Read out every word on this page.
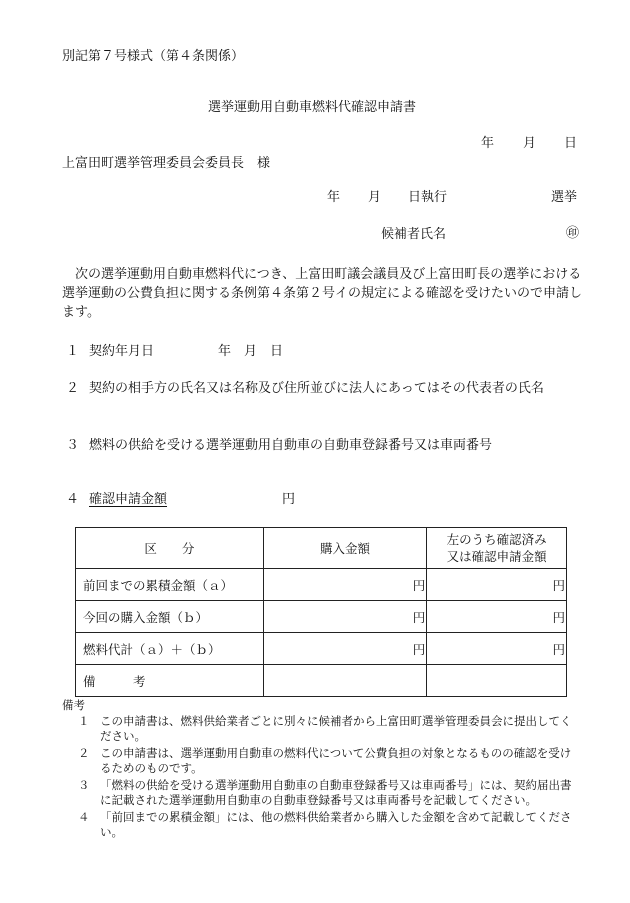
別記第７号様式（第４条関係）
選挙運動用自動車燃料代確認申請書
年 月 日
上富田町選挙管理委員会委員長　様
年 月 日執行	選挙
候補者氏名	㊞
次の選挙運動用自動車燃料代につき、上富田町議会議員及び上富田町長の選挙における選挙運動の公費負担に関する条例第４条第２号イの規定による確認を受けたいので申請します。
１ 契約年月日	年　月　日
２ 契約の相手方の氏名又は名称及び住所並びに法人にあってはその代表者の氏名
３ 燃料の供給を受ける選挙運動用自動車の自動車登録番号又は車両番号
４ 確認申請金額	円
区　　分	購入金額	左のうち確認済み
又は確認申請金額
前回までの累積金額（ａ）	円	円
今回の購入金額（ｂ）	円	円
燃料代計（ａ）＋（ｂ）	円	円
備　　　考		
備考
１ この申請書は、燃料供給業者ごとに別々に候補者から上富田町選挙管理委員会に提出してください。
２ この申請書は、選挙運動用自動車の燃料代について公費負担の対象となるものの確認を受けるためのものです。
３ 「燃料の供給を受ける選挙運動用自動車の自動車登録番号又は車両番号」には、契約届出書に記載された選挙運動用自動車の自動車登録番号又は車両番号を記載してください。
４ 「前回までの累積金額」には、他の燃料供給業者から購入した金額を含めて記載してください。
